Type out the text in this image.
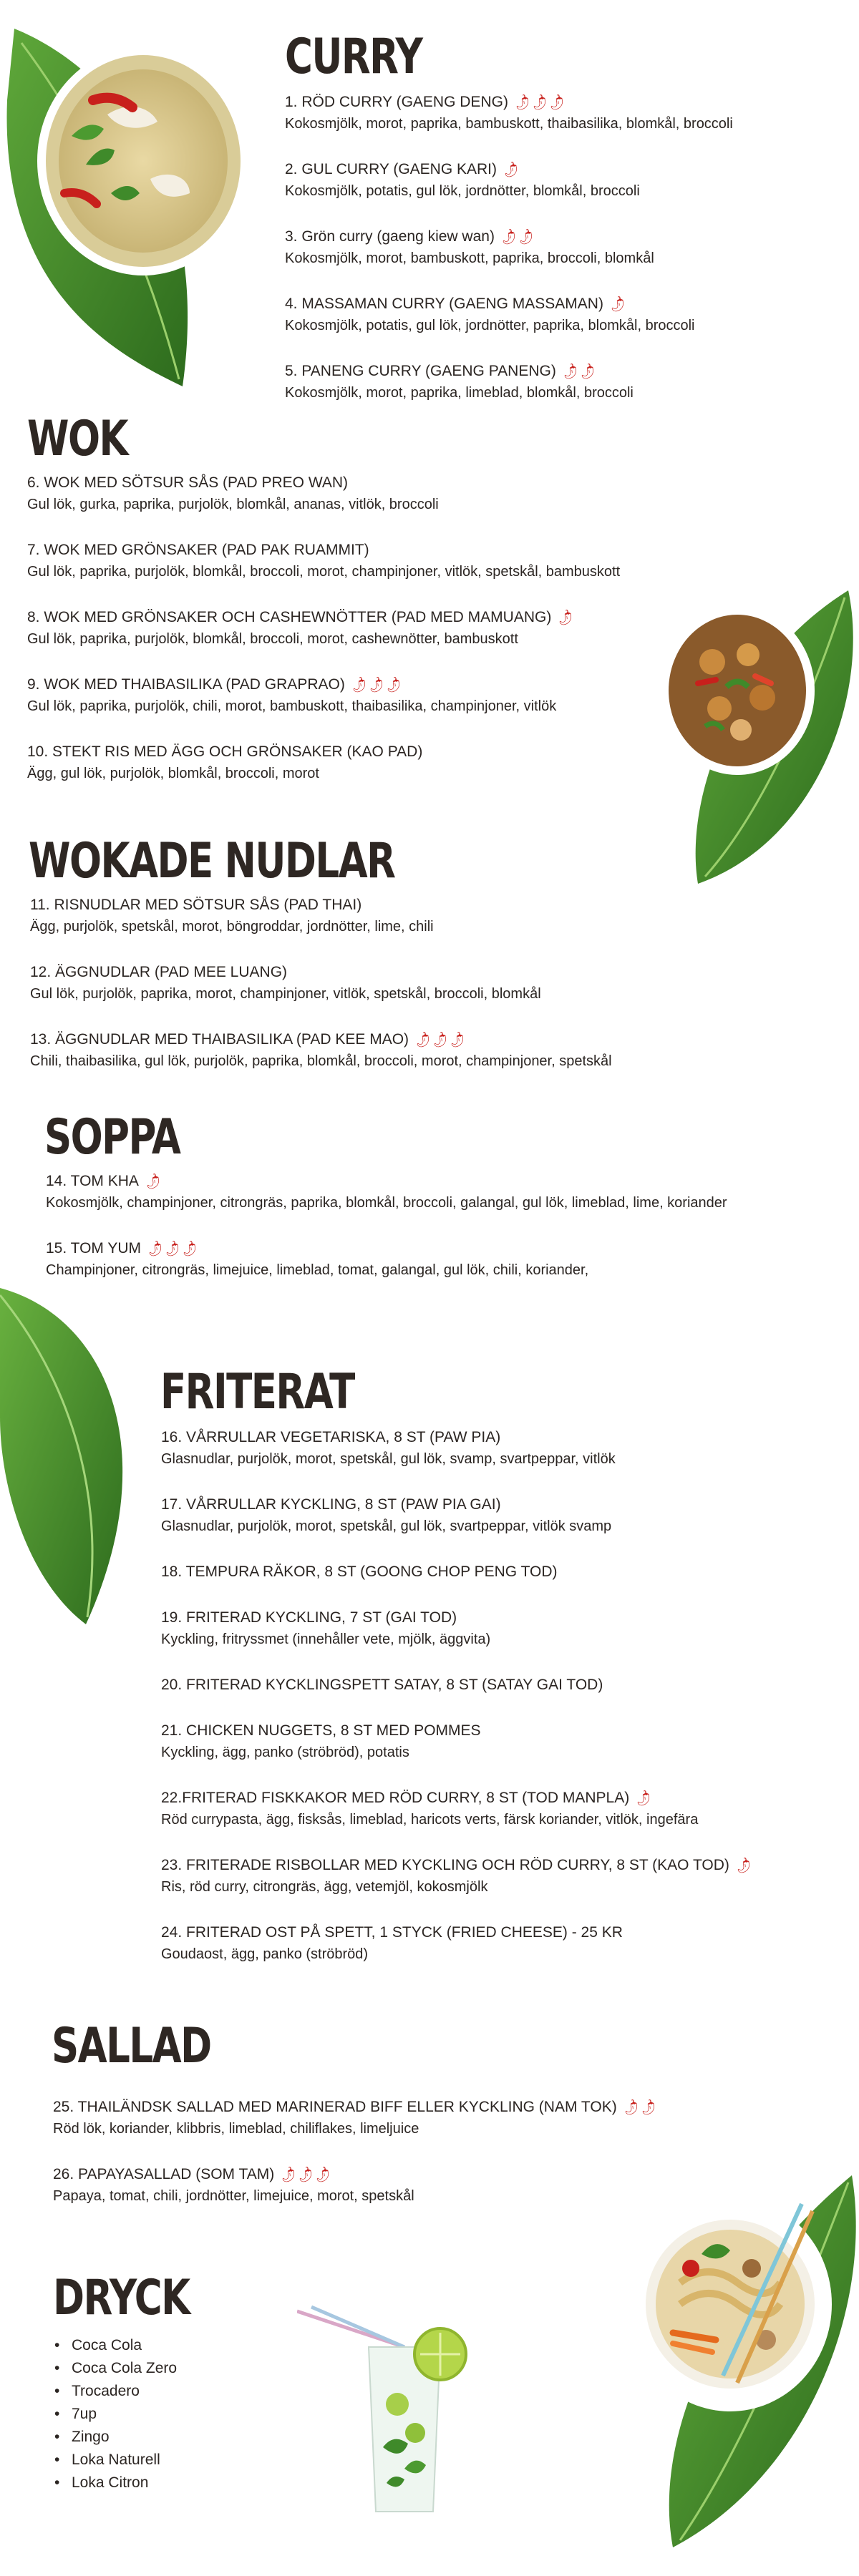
CURRY
1. RÖD CURRY (GAENG DENG) 🌶🌶🌶
Kokosmjölk, morot, paprika, bambuskott, thaibasilika, blomkål, broccoli
2. GUL CURRY (GAENG KARI) 🌶
Kokosmjölk, potatis, gul lök, jordnötter, blomkål, broccoli
3. Grön curry (gaeng kiew wan) 🌶🌶
Kokosmjölk, morot, bambuskott, paprika, broccoli, blomkål
4. MASSAMAN CURRY (GAENG MASSAMAN) 🌶
Kokosmjölk, potatis, gul lök, jordnötter, paprika, blomkål, broccoli
5. PANENG CURRY (GAENG PANENG) 🌶🌶
Kokosmjölk, morot, paprika, limeblad, blomkål, broccoli
WOK
6. WOK MED SÖTSUR SÅS (PAD PREO WAN)
Gul lök, gurka, paprika, purjolök, blomkål, ananas, vitlök, broccoli
7. WOK MED GRÖNSAKER (PAD PAK RUAMMIT)
Gul lök, paprika, purjolök, blomkål, broccoli, morot, champinjoner, vitlök, spetskål, bambuskott
8. WOK MED GRÖNSAKER OCH CASHEWNÖTTER (PAD MED MAMUANG) 🌶
Gul lök, paprika, purjolök, blomkål, broccoli, morot, cashewnötter, bambuskott
9. WOK MED THAIBASILIKA (PAD GRAPRAO) 🌶🌶🌶
Gul lök, paprika, purjolök, chili, morot, bambuskott, thaibasilika, champinjoner, vitlök
10. STEKT RIS MED ÄGG OCH GRÖNSAKER (KAO PAD)
Ägg, gul lök, purjolök, blomkål, broccoli, morot
WOKADE NUDLAR
11. RISNUDLAR MED SÖTSUR SÅS (PAD THAI)
Ägg, purjolök, spetskål, morot, böngroddar, jordnötter, lime, chili
12. ÄGGNUDLAR (PAD MEE LUANG)
Gul lök, purjolök, paprika, morot, champinjoner, vitlök, spetskål, broccoli, blomkål
13. ÄGGNUDLAR MED THAIBASILIKA (PAD KEE MAO) 🌶🌶🌶
Chili, thaibasilika, gul lök, purjolök, paprika, blomkål, broccoli, morot, champinjoner, spetskål
SOPPA
14. TOM KHA 🌶
Kokosmjölk, champinjoner, citrongräs, paprika, blomkål, broccoli, galangal, gul lök, limeblad, lime, koriander
15. TOM YUM 🌶🌶🌶
Champinjoner, citrongräs, limejuice, limeblad, tomat, galangal, gul lök, chili, koriander,
FRITERAT
16. VÅRRULLAR VEGETARISKA, 8 ST (PAW PIA)
Glasnudlar, purjolök, morot, spetskål, gul lök, svamp, svartpeppar, vitlök
17. VÅRRULLAR KYCKLING, 8 ST (PAW PIA GAI)
Glasnudlar, purjolök, morot, spetskål, gul lök, svartpeppar, vitlök svamp
18. TEMPURA RÄKOR, 8 ST (GOONG CHOP PENG TOD)
19. FRITERAD KYCKLING, 7 ST (GAI TOD)
Kyckling, fritryssmet (innehåller vete, mjölk, äggvita)
20. FRITERAD KYCKLINGSPETT SATAY, 8 ST (SATAY GAI TOD)
21. CHICKEN NUGGETS, 8 ST MED POMMES
Kyckling, ägg, panko (ströbröd), potatis
22.FRITERAD FISKKAKOR MED RÖD CURRY, 8 ST (TOD MANPLA) 🌶
Röd currypasta, ägg, fisksås, limeblad, haricots verts, färsk koriander, vitlök, ingefära
23. FRITERADE RISBOLLAR MED KYCKLING OCH RÖD CURRY, 8 ST (KAO TOD) 🌶
Ris, röd curry, citrongräs, ägg, vetemjöl, kokosmjölk
24. FRITERAD OST PÅ SPETT, 1 STYCK (FRIED CHEESE) - 25 KR
Goudaost, ägg, panko (ströbröd)
SALLAD
25. THAILÄNDSK SALLAD MED MARINERAD BIFF ELLER KYCKLING (NAM TOK) 🌶🌶
Röd lök, koriander, klibbris, limeblad, chiliflakes, limeljuice
26. PAPAYASALLAD (SOM TAM) 🌶🌶🌶
Papaya, tomat, chili, jordnötter, limejuice, morot, spetskål
DRYCK
• Coca Cola
• Coca Cola Zero
• Trocadero
• 7up
• Zingo
• Loka Naturell
• Loka Citron
